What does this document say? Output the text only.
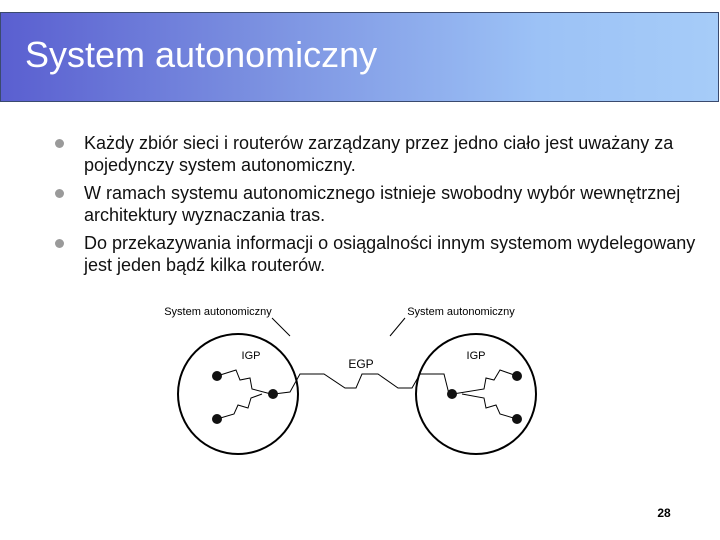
System autonomiczny
Każdy zbiór sieci i routerów zarządzany przez jedno ciało jest uważany za pojedynczy system autonomiczny.
W ramach systemu autonomicznego istnieje swobodny wybór wewnętrznej architektury wyznaczania tras.
Do przekazywania informacji o osiągalności innym systemom wydelegowany jest jeden bądź kilka routerów.
System autonomiczny	System autonomiczny
IGP	IGP
EGP
28
